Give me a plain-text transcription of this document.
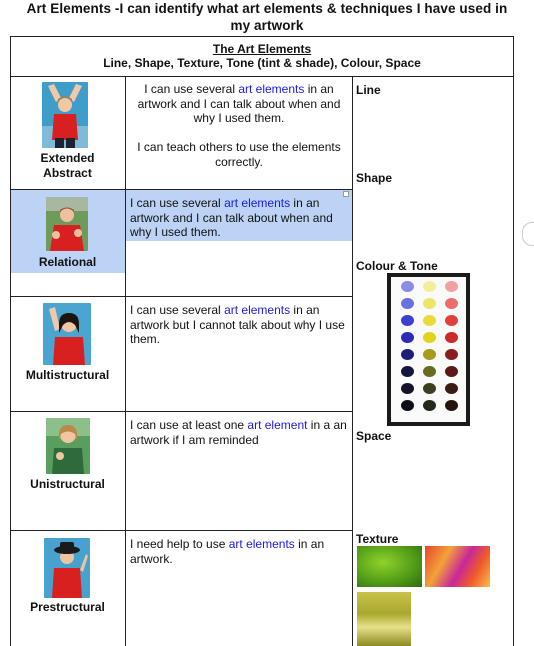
Art Elements -I can identify what art elements & techniques I have used in
my artwork
The Art Elements
Line, Shape, Texture, Tone (tint & shade), Colour, Space
Extended
Abstract
I can use several art elements in an artwork and I can talk about when and why I used them.
I can teach others to use the elements correctly.
Relational
I can use several art elements in an artwork and I can talk about when and why I used them.
Multistructural
I can use several art elements in an artwork but I cannot talk about why I use them.
Unistructural
I can use at least one art element in a an artwork if I am reminded
Prestructural
I need help to use art elements in an artwork.
Line
Shape
Colour & Tone
Space
Texture
